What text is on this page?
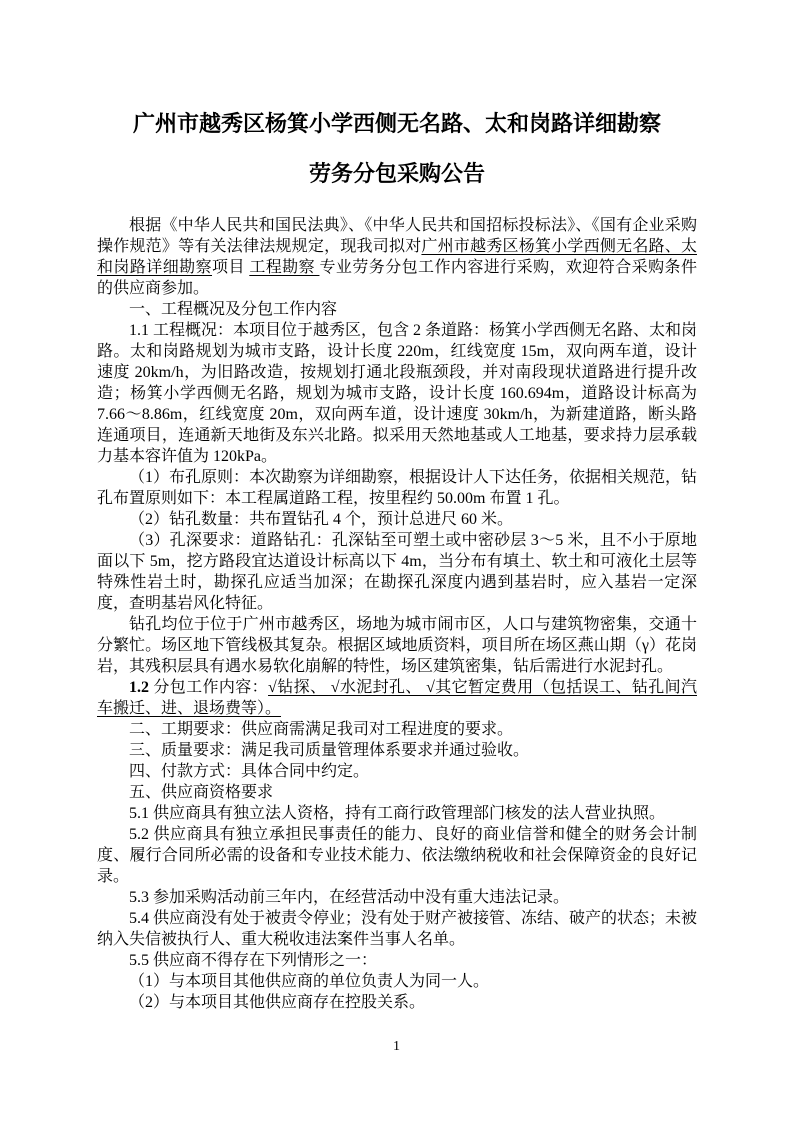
广州市越秀区杨箕小学西侧无名路、太和岗路详细勘察
劳务分包采购公告

根据《中华人民共和国民法典》、《中华人民共和国招标投标法》、《国有企业采购操作规范》等有关法律法规规定，现我司拟对广州市越秀区杨箕小学西侧无名路、太和岗路详细勘察项目 工程勘察 专业劳务分包工作内容进行采购，欢迎符合采购条件的供应商参加。

一、工程概况及分包工作内容

1.1 工程概况：本项目位于越秀区，包含 2 条道路：杨箕小学西侧无名路、太和岗路。太和岗路规划为城市支路，设计长度 220m，红线宽度 15m，双向两车道，设计速度 20km/h，为旧路改造，按规划打通北段瓶颈段，并对南段现状道路进行提升改造；杨箕小学西侧无名路，规划为城市支路，设计长度 160.694m，道路设计标高为 7.66～8.86m，红线宽度 20m，双向两车道，设计速度 30km/h，为新建道路，断头路连通项目，连通新天地街及东兴北路。拟采用天然地基或人工地基，要求持力层承载力基本容许值为 120kPa。

（1）布孔原则：本次勘察为详细勘察，根据设计人下达任务，依据相关规范，钻孔布置原则如下：本工程属道路工程，按里程约 50.00m 布置 1 孔。

（2）钻孔数量：共布置钻孔 4 个，预计总进尺 60 米。

（3）孔深要求：道路钻孔：孔深钻至可塑土或中密砂层 3～5 米，且不小于原地面以下 5m，挖方路段宜达道设计标高以下 4m，当分布有填土、软土和可液化土层等特殊性岩土时，勘探孔应适当加深；在勘探孔深度内遇到基岩时，应入基岩一定深度，查明基岩风化特征。

钻孔均位于位于广州市越秀区，场地为城市闹市区，人口与建筑物密集，交通十分繁忙。场区地下管线极其复杂。根据区域地质资料，项目所在场区燕山期（γ）花岗岩，其残积层具有遇水易软化崩解的特性，场区建筑密集，钻后需进行水泥封孔。

1.2 分包工作内容：√钻探、 √水泥封孔、 √其它暂定费用（包括误工、钻孔间汽车搬迁、进、退场费等）。

二、工期要求：供应商需满足我司对工程进度的要求。

三、质量要求：满足我司质量管理体系要求并通过验收。

四、付款方式：具体合同中约定。

五、供应商资格要求

5.1 供应商具有独立法人资格，持有工商行政管理部门核发的法人营业执照。

5.2 供应商具有独立承担民事责任的能力、良好的商业信誉和健全的财务会计制度、履行合同所必需的设备和专业技术能力、依法缴纳税收和社会保障资金的良好记录。

5.3 参加采购活动前三年内，在经营活动中没有重大违法记录。

5.4 供应商没有处于被责令停业；没有处于财产被接管、冻结、破产的状态；未被纳入失信被执行人、重大税收违法案件当事人名单。

5.5 供应商不得存在下列情形之一：

（1）与本项目其他供应商的单位负责人为同一人。

（2）与本项目其他供应商存在控股关系。

1
